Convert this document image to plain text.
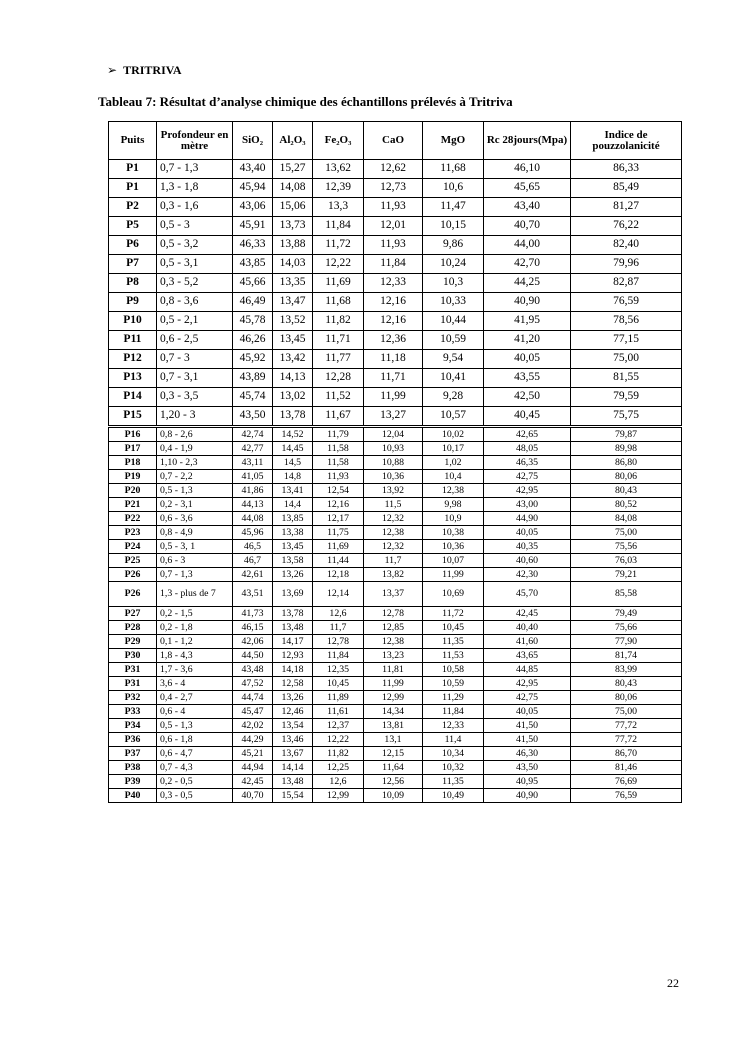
➢ TRITRIVA
Tableau 7: Résultat d’analyse chimique des échantillons prélevés à Tritriva
Puits	Profondeur en mètre	SiO₂	Al₂O₃	Fe₂O₃	CaO	MgO	Rc 28jours(Mpa)	Indice de pouzzolanicité
P1	0,7 - 1,3	43,40	15,27	13,62	12,62	11,68	46,10	86,33
P1	1,3 - 1,8	45,94	14,08	12,39	12,73	10,6	45,65	85,49
P2	0,3 - 1,6	43,06	15,06	13,3	11,93	11,47	43,40	81,27
P5	0,5 - 3	45,91	13,73	11,84	12,01	10,15	40,70	76,22
P6	0,5 - 3,2	46,33	13,88	11,72	11,93	9,86	44,00	82,40
P7	0,5 - 3,1	43,85	14,03	12,22	11,84	10,24	42,70	79,96
P8	0,3 - 5,2	45,66	13,35	11,69	12,33	10,3	44,25	82,87
P9	0,8 - 3,6	46,49	13,47	11,68	12,16	10,33	40,90	76,59
P10	0,5 - 2,1	45,78	13,52	11,82	12,16	10,44	41,95	78,56
P11	0,6 - 2,5	46,26	13,45	11,71	12,36	10,59	41,20	77,15
P12	0,7 - 3	45,92	13,42	11,77	11,18	9,54	40,05	75,00
P13	0,7 - 3,1	43,89	14,13	12,28	11,71	10,41	43,55	81,55
P14	0,3 - 3,5	45,74	13,02	11,52	11,99	9,28	42,50	79,59
P15	1,20 - 3	43,50	13,78	11,67	13,27	10,57	40,45	75,75
P16	0,8 - 2,6	42,74	14,52	11,79	12,04	10,02	42,65	79,87
P17	0,4 - 1,9	42,77	14,45	11,58	10,93	10,17	48,05	89,98
P18	1,10 - 2,3	43,11	14,5	11,58	10,88	1,02	46,35	86,80
P19	0,7 - 2,2	41,05	14,8	11,93	10,36	10,4	42,75	80,06
P20	0,5 - 1,3	41,86	13,41	12,54	13,92	12,38	42,95	80,43
P21	0,2 - 3,1	44,13	14,4	12,16	11,5	9,98	43,00	80,52
P22	0,6 - 3,6	44,08	13,85	12,17	12,32	10,9	44,90	84,08
P23	0,8 - 4,9	45,96	13,38	11,75	12,38	10,38	40,05	75,00
P24	0,5 - 3, 1	46,5	13,45	11,69	12,32	10,36	40,35	75,56
P25	0,6 - 3	46,7	13,58	11,44	11,7	10,07	40,60	76,03
P26	0,7 - 1,3	42,61	13,26	12,18	13,82	11,99	42,30	79,21
P26	1,3 - plus de 7	43,51	13,69	12,14	13,37	10,69	45,70	85,58
P27	0,2 - 1,5	41,73	13,78	12,6	12,78	11,72	42,45	79,49
P28	0,2 - 1,8	46,15	13,48	11,7	12,85	10,45	40,40	75,66
P29	0,1 - 1,2	42,06	14,17	12,78	12,38	11,35	41,60	77,90
P30	1,8 - 4,3	44,50	12,93	11,84	13,23	11,53	43,65	81,74
P31	1,7 - 3,6	43,48	14,18	12,35	11,81	10,58	44,85	83,99
P31	3,6 - 4	47,52	12,58	10,45	11,99	10,59	42,95	80,43
P32	0,4 - 2,7	44,74	13,26	11,89	12,99	11,29	42,75	80,06
P33	0,6 - 4	45,47	12,46	11,61	14,34	11,84	40,05	75,00
P34	0,5 - 1,3	42,02	13,54	12,37	13,81	12,33	41,50	77,72
P36	0,6 - 1,8	44,29	13,46	12,22	13,1	11,4	41,50	77,72
P37	0,6 - 4,7	45,21	13,67	11,82	12,15	10,34	46,30	86,70
P38	0,7 - 4,3	44,94	14,14	12,25	11,64	10,32	43,50	81,46
P39	0,2 - 0,5	42,45	13,48	12,6	12,56	11,35	40,95	76,69
P40	0,3 - 0,5	40,70	15,54	12,99	10,09	10,49	40,90	76,59
22
